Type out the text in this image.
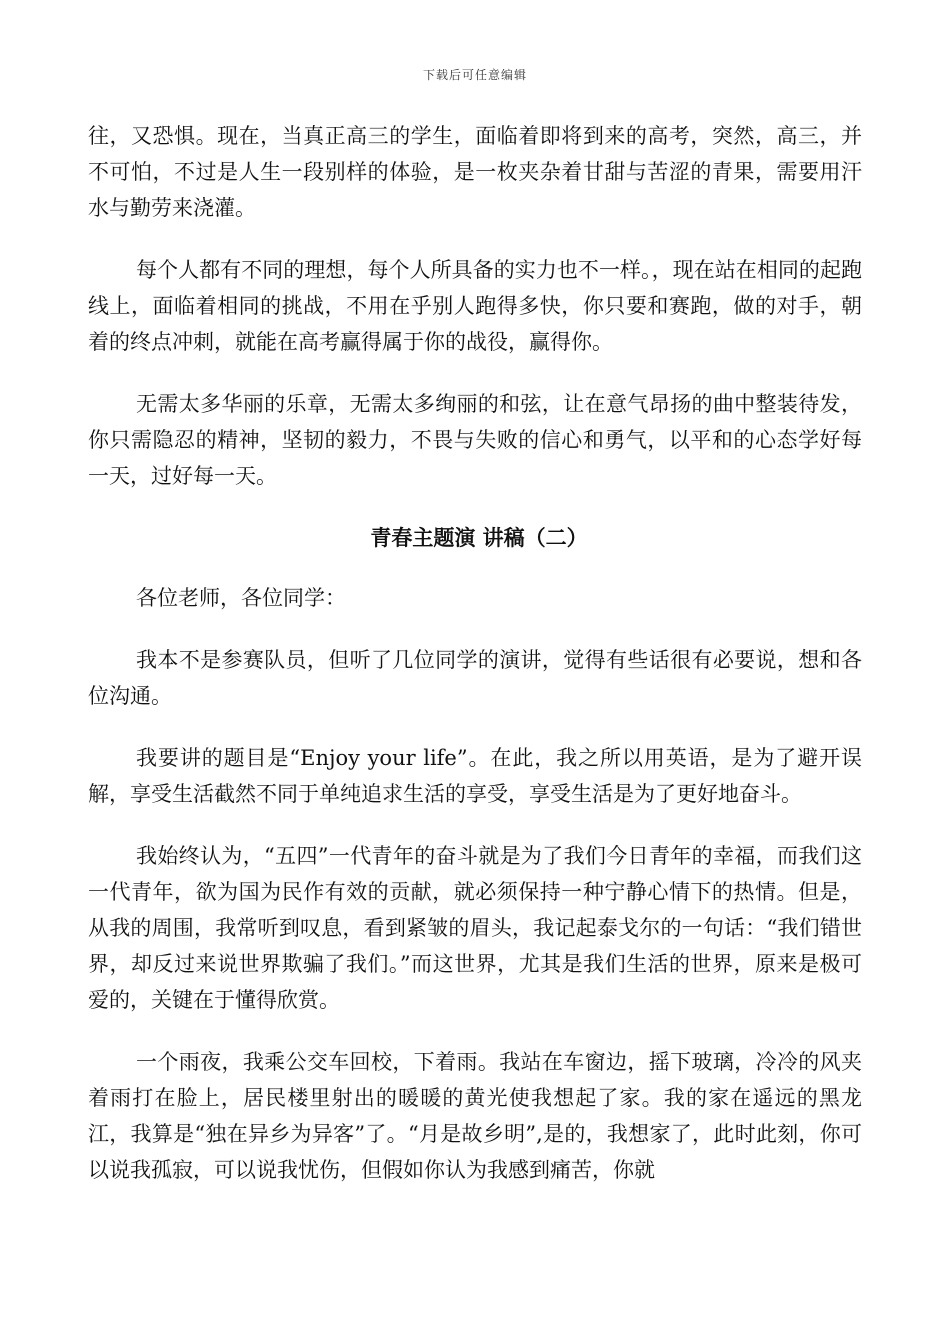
下载后可任意编辑

往，又恐惧。现在，当真正高三的学生，面临着即将到来的高考，突然，高三，并不可怕，不过是人生一段别样的体验，是一枚夹杂着甘甜与苦涩的青果，需要用汗水与勤劳来浇灌。

每个人都有不同的理想，每个人所具备的实力也不一样。，现在站在相同的起跑线上，面临着相同的挑战，不用在乎别人跑得多快，你只要和赛跑，做的对手，朝着的终点冲刺，就能在高考赢得属于你的战役，赢得你。

无需太多华丽的乐章，无需太多绚丽的和弦，让在意气昂扬的曲中整装待发，你只需隐忍的精神，坚韧的毅力，不畏与失败的信心和勇气，以平和的心态学好每一天，过好每一天。

青春主题演 讲稿（二）

各位老师，各位同学：

我本不是参赛队员，但听了几位同学的演讲，觉得有些话很有必要说，想和各位沟通。

我要讲的题目是“Enjoy your life”。在此，我之所以用英语，是为了避开误解，享受生活截然不同于单纯追求生活的享受，享受生活是为了更好地奋斗。

我始终认为，“五四”一代青年的奋斗就是为了我们今日青年的幸福，而我们这一代青年，欲为国为民作有效的贡献，就必须保持一种宁静心情下的热情。但是，从我的周围，我常听到叹息，看到紧皱的眉头，我记起泰戈尔的一句话：“我们错世界，却反过来说世界欺骗了我们。”而这世界，尤其是我们生活的世界，原来是极可爱的，关键在于懂得欣赏。

一个雨夜，我乘公交车回校，下着雨。我站在车窗边，摇下玻璃，冷冷的风夹着雨打在脸上，居民楼里射出的暖暖的黄光使我想起了家。我的家在遥远的黑龙江，我算是“独在异乡为异客”了。“月是故乡明”,是的，我想家了，此时此刻，你可以说我孤寂，可以说我忧伤，但假如你认为我感到痛苦，你就
